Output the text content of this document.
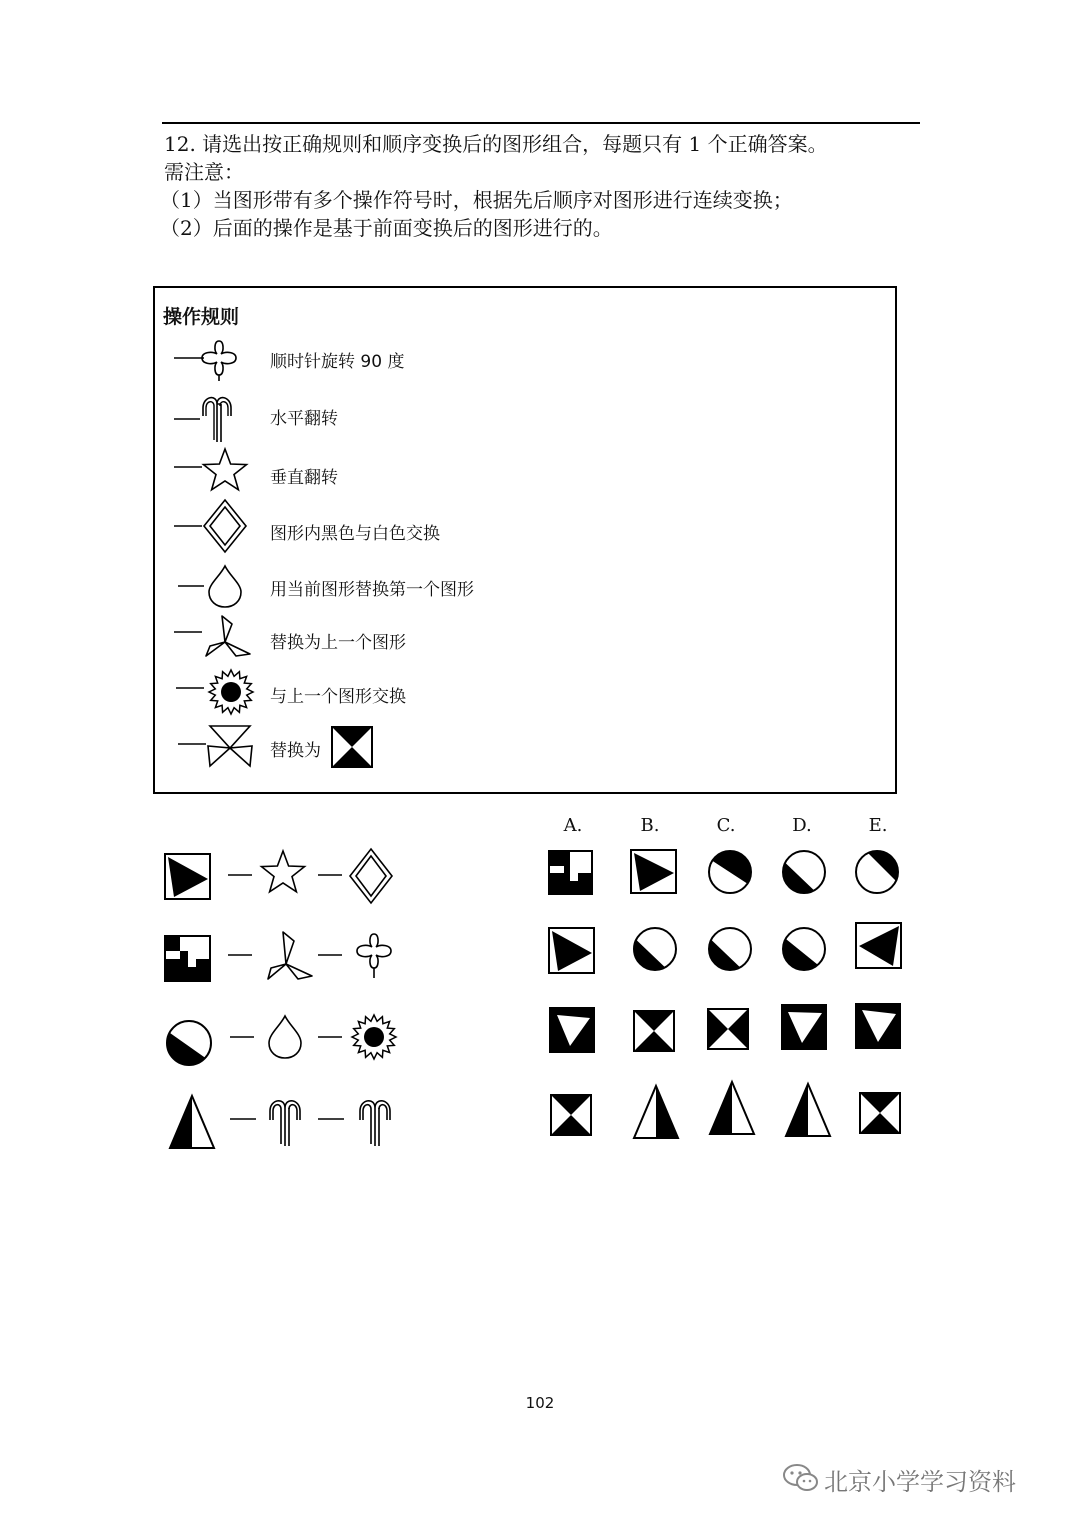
12. 请选出按正确规则和顺序变换后的图形组合，每题只有 1 个正确答案。
需注意：
（1）当图形带有多个操作符号时，根据先后顺序对图形进行连续变换；
（2）后面的操作是基于前面变换后的图形进行的。
操作规则
顺时针旋转 90 度
水平翻转
垂直翻转
图形内黑色与白色交换
用当前图形替换第一个图形
替换为上一个图形
与上一个图形交换
替换为
A.	B.	C.	D.	E.
102
北京小学学习资料
